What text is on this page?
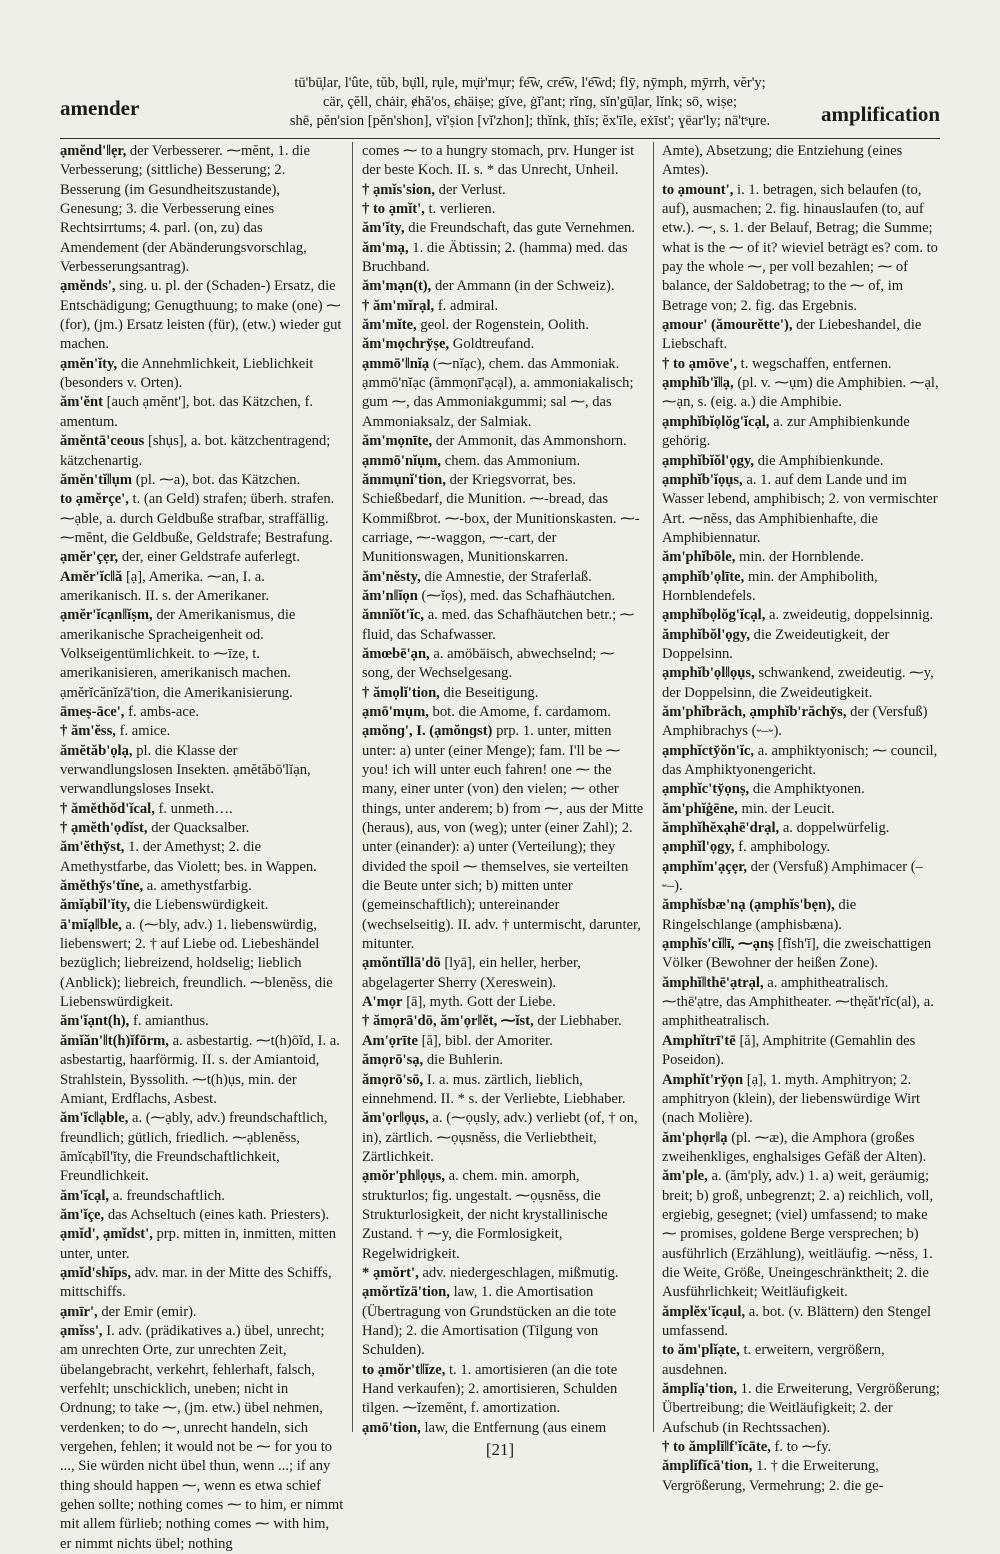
amender
tū'bū̦lar, l'ûte, tŭb, bụ̈ll, rụle, mụ̈r'mụr; fe͡w, cre͡w, l'e͡wd; flȳ, nȳmph, mȳrrh, vĕr'y;
cär, çĕll, chȧir, ɇhă'os, ɕhäiṣe; gĭve, ġĭ'ant; rĭnɡ, sĭn'gū̦lar, lĭnk; sō, wiṣe;
shē, pĕn'sion [pĕn'shon], vĭ'ṣion [vĭ'zhon]; thĭnk, ṯhĭs; ĕx'īle, eẋīst'; ɣēar'ly; nā'tˢụre.	amplification

ạmĕnd'‖ẹr, der Verbesserer. ⁓mĕnt, 1. die Verbesserung; (sittliche) Besserung; 2. Besserung (im Gesundheitszustande), Genesung; 3. die Verbesserung eines Rechtsirrtums; 4. parl. (on, zu) das Amendement (der Abänderungsvorschlag, Verbesserungsantrag).

ạmĕnds', sing. u. pl. der (Schaden-) Ersatz, die Entschädigung; Genugthuung; to make (one) ⁓ (for), (jm.) Ersatz leisten (für), (etw.) wieder gut machen.

ạmĕn'ĭty, die Annehmlichkeit, Lieblichkeit (besonders v. Orten).

ăm'ĕnt [auch ạmĕnt'], bot. das Kätzchen, f. amentum.

ămĕntā'ceous [shụs], a. bot. kätzchentragend; kätzchenartig.

ămĕn'tĭ‖ụm (pl. ⁓a), bot. das Kätzchen.

to ạmĕrçe', t. (an Geld) strafen; überh. strafen. ⁓ạble, a. durch Geldbuße strafbar, straffällig. ⁓mĕnt, die Geldbuße, Geldstrafe; Bestrafung.

ạmĕr'çẹr, der, einer Geldstrafe auferlegt.

Amĕr'ĭc‖ă [ạ], Amerika. ⁓an, I. a. amerikanisch. II. s. der Amerikaner.

ạmĕr'ĭcạn‖ĭṣm, der Amerikanismus, die amerikanische Spracheigenheit od. Volkseigentümlichkeit. to ⁓īze, t. amerikanisieren, amerikanisch machen. ạmĕrĭcănĭzā'tion, die Amerikanisierung.

āmeṣ-āce', f. ambs-ace.

† ăm'ĕss, f. amice.

ămĕtăb'ọlạ, pl. die Klasse der verwandlungslosen Insekten. ạmĕtăbō'lĭạn, verwandlungsloses Insekt.

† ămĕthŏd'ĭcal, f. unmeth….

† ạmĕth'ọdĭst, der Quacksalber.

ăm'ĕthy̆st, 1. der Amethyst; 2. die Amethystfarbe, das Violett; bes. in Wappen.

ămĕthy̆s'tĭne, a. amethystfarbig.

ămĭạbĭl'ĭty, die Liebenswürdigkeit.

ā'mĭạ‖ble, a. (⁓bly, adv.) 1. liebenswürdig, liebenswert; 2. † auf Liebe od. Liebeshändel bezüglich; liebreizend, holdselig; lieblich (Anblick); liebreich, freundlich. ⁓blenĕss, die Liebenswürdigkeit.

ăm'ĭạnt(h), f. amianthus.

ămĭăn'‖t(h)ĭfōrm, a. asbestartig. ⁓t(h)ōĭd, I. a. asbestartig, haarförmig. II. s. der Amiantoid, Strahlstein, Byssolith. ⁓t(h)ụs, min. der Amiant, Erdflachs, Asbest.

ăm'ĭc‖ạble, a. (⁓ạbly, adv.) freundschaftlich, freundlich; gütlich, friedlich. ⁓ạblenĕss, ămĭcạbĭl'ĭty, die Freundschaftlichkeit, Freundlichkeit.

ăm'ĭcạl, a. freundschaftlich.

ăm'ĭçe, das Achseltuch (eines kath. Priesters).

ạmĭd', ạmĭdst', prp. mitten in, inmitten, mitten unter, unter.

ạmĭd'shĭps, adv. mar. in der Mitte des Schiffs, mittschiffs.

ạmīr', der Emir (emir).

ạmĭss', I. adv. (prädikatives a.) übel, unrecht; am unrechten Orte, zur unrechten Zeit, übelangebracht, verkehrt, fehlerhaft, falsch, verfehlt; unschicklich, uneben; nicht in Ordnung; to take ⁓, (jm. etw.) übel nehmen, verdenken; to do ⁓, unrecht handeln, sich vergehen, fehlen; it would not be ⁓ for you to ..., Sie würden nicht übel thun, wenn ...; if any thing should happen ⁓, wenn es etwa schief gehen sollte; nothing comes ⁓ to him, er nimmt mit allem fürlieb; nothing comes ⁓ with him, er nimmt nichts übel; nothing

comes ⁓ to a hungry stomach, prv. Hunger ist der beste Koch. II. s. * das Unrecht, Unheil.

† ạmĭs'sion, der Verlust.

† to ạmĭt', t. verlieren.

ăm'ĭty, die Freundschaft, das gute Vernehmen.

ăm'mạ, 1. die Äbtissin; 2. (hamma) med. das Bruchband.

ăm'mạn(t), der Ammann (in der Schweiz).

† ăm'mĭrạl, f. admiral.

ăm'mĭte, geol. der Rogenstein, Oolith.

ăm'mọchry̆ṣe, Goldtreufand.

ạmmō'‖nĭạ (⁓nĭạc), chem. das Ammoniak. ạmmō'nĭạc (ămmọnī'ạcạl), a. ammoniakalisch; gum ⁓, das Ammoniakgummi; sal ⁓, das Ammoniaksalz, der Salmiak.

ăm'mọnīte, der Ammonit, das Ammonshorn.

ạmmō'nĭụm, chem. das Ammonium.

ămmụnĭ'tion, der Kriegsvorrat, bes. Schießbedarf, die Munition. ⁓-bread, das Kommißbrot. ⁓-box, der Munitionskasten. ⁓-carriage, ⁓-waggon, ⁓-cart, der Munitionswagen, Munitionskarren.

ăm'nĕsty, die Amnestie, der Straferlaß.

ăm'n‖ĭọn (⁓ĭọs), med. das Schafhäutchen.

ămnĭŏt'ĭc, a. med. das Schafhäutchen betr.; ⁓ fluid, das Schafwasser.

ămœbē'ạn, a. amöbäisch, abwechselnd; ⁓ song, der Wechselgesang.

† ămọlĭ'tion, die Beseitigung.

ạmō'mụm, bot. die Amome, f. cardamom.

ạmŏnɡ', I. (ạmŏnɡst) prp. 1. unter, mitten unter: a) unter (einer Menge); fam. I'll be ⁓ you! ich will unter euch fahren! one ⁓ the many, einer unter (von) den vielen; ⁓ other things, unter anderem; b) from ⁓, aus der Mitte (heraus), aus, von (weg); unter (einer Zahl); 2. unter (einander): a) unter (Verteilung); they divided the spoil ⁓ themselves, sie verteilten die Beute unter sich; b) mitten unter (gemeinschaftlich); untereinander (wechselseitig). II. adv. † untermischt, darunter, mitunter.

ạmŏntĭllā'dō [lyā], ein heller, herber, abgelagerter Sherry (Xereswein).

A'mọr [ā], myth. Gott der Liebe.

† ămọrā'dō, ăm'ọr‖ĕt, ⁓ĭst, der Liebhaber.

Am'ọrīte [ă], bibl. der Amoriter.

ămọrō'sạ, die Buhlerin.

ămọrō'sō, I. a. mus. zärtlich, lieblich, einnehmend. II. * s. der Verliebte, Liebhaber.

ăm'ọr‖ọụs, a. (⁓ọụsly, adv.) verliebt (of, † on, in), zärtlich. ⁓ọụsnĕss, die Verliebtheit, Zärtlichkeit.

ạmŏr'ph‖ọụs, a. chem. min. amorph, strukturlos; fig. ungestalt. ⁓ọụsnĕss, die Strukturlosigkeit, der nicht krystallinische Zustand. † ⁓y, die Formlosigkeit, Regelwidrigkeit.

* ạmŏrt', adv. niedergeschlagen, mißmutig.

ạmŏrtĭzā'tion, law, 1. die Amortisation (Übertragung von Grundstücken an die tote Hand); 2. die Amortisation (Tilgung von Schulden).

to ạmŏr't‖ĭze, t. 1. amortisieren (an die tote Hand verkaufen); 2. amortisieren, Schulden tilgen. ⁓ĭzemĕnt, f. amortization.

ạmō'tion, law, die Entfernung (aus einem

Amte), Absetzung; die Entziehung (eines Amtes).

to ạmount', i. 1. betragen, sich belaufen (to, auf), ausmachen; 2. fig. hinauslaufen (to, auf etw.). ⁓, s. 1. der Belauf, Betrag; die Summe; what is the ⁓ of it? wieviel beträgt es? com. to pay the whole ⁓, per voll bezahlen; ⁓ of balance, der Saldobetrag; to the ⁓ of, im Betrage von; 2. fig. das Ergebnis.

ạmour' (ămourĕtte'), der Liebeshandel, die Liebschaft.

† to ạmōve', t. wegschaffen, entfernen.

ạmphĭb'ĭ‖ạ, (pl. v. ⁓ụm) die Amphibien. ⁓ạl, ⁓ạn, s. (eig. a.) die Amphibie.

ạmphĭbĭọlŏg'ĭcạl, a. zur Amphibienkunde gehörig.

ạmphĭbĭŏl'ọgy, die Amphibienkunde.

ạmphĭb'ĭọụs, a. 1. auf dem Lande und im Wasser lebend, amphibisch; 2. von vermischter Art. ⁓nĕss, das Amphibienhafte, die Amphibiennatur.

ăm'phĭbōle, min. der Hornblende.

ạmphĭb'ọlīte, min. der Amphibolith, Hornblendefels.

ạmphĭbọlŏg'ĭcạl, a. zweideutig, doppelsinnig.

ămphĭbŏl'ọgy, die Zweideutigkeit, der Doppelsinn.

ạmphĭb'ọl‖ọụs, schwankend, zweideutig. ⁓y, der Doppelsinn, die Zweideutigkeit.

ăm'phĭbrăch, ạmphĭb'răchy̆s, der (Versfuß) Amphibrachys (⏑–⏑).

ạmphĭcty̆ŏn'ĭc, a. amphiktyonisch; ⁓ council, das Amphiktyonengericht.

ạmphĭc'ty̆ọnṣ, die Amphiktyonen.

ăm'phĭġēne, min. der Leucit.

ămphĭhĕxạhē'drạl, a. doppelwürfelig.

ạmphĭl'ọgy, f. amphibology.

ạmphĭm'ạçẹr, der (Versfuß) Amphimacer (–⏑–).

ămphĭsbæ'nạ (ạmphĭs'bẹn), die Ringelschlange (amphisbæna).

ạmphĭs'cĭ‖ī, ⁓ạnṣ [fĭsh'ĭ], die zweischattigen Völker (Bewohner der heißen Zone).

ămphĭ‖thē'ạtrạl, a. amphitheatralisch. ⁓thē'ạtre, das Amphitheater. ⁓thẹăt'rĭc(al), a. amphitheatralisch.

Amphĭtrī'tē [ă], Amphitrite (Gemahlin des Poseidon).

Amphĭt'ry̆ọn [ạ], 1. myth. Amphitryon; 2. amphitryon (klein), der liebenswürdige Wirt (nach Molière).

ăm'phọr‖ạ (pl. ⁓æ), die Amphora (großes zweihenkliges, enghalsiges Gefäß der Alten).

ăm'ple, a. (ăm'ply, adv.) 1. a) weit, geräumig; breit; b) groß, unbegrenzt; 2. a) reichlich, voll, ergiebig, gesegnet; (viel) umfassend; to make ⁓ promises, goldene Berge versprechen; b) ausführlich (Erzählung), weitläufig. ⁓nĕss, 1. die Weite, Größe, Uneingeschränktheit; 2. die Ausführlichkeit; Weitläufigkeit.

ămplĕx'ĭcạul, a. bot. (v. Blättern) den Stengel umfassend.

to ăm'plĭạte, t. erweitern, vergrößern, ausdehnen.

ămplĭạ'tion, 1. die Erweiterung, Vergrößerung; Übertreibung; die Weitläufigkeit; 2. der Aufschub (in Rechtssachen).

† to ămplĭ‖f'ĭcāte, f. to ⁓fy.

ămplĭfĭcā'tion, 1. † die Erweiterung, Vergrößerung, Vermehrung; 2. die ge-

[21]
